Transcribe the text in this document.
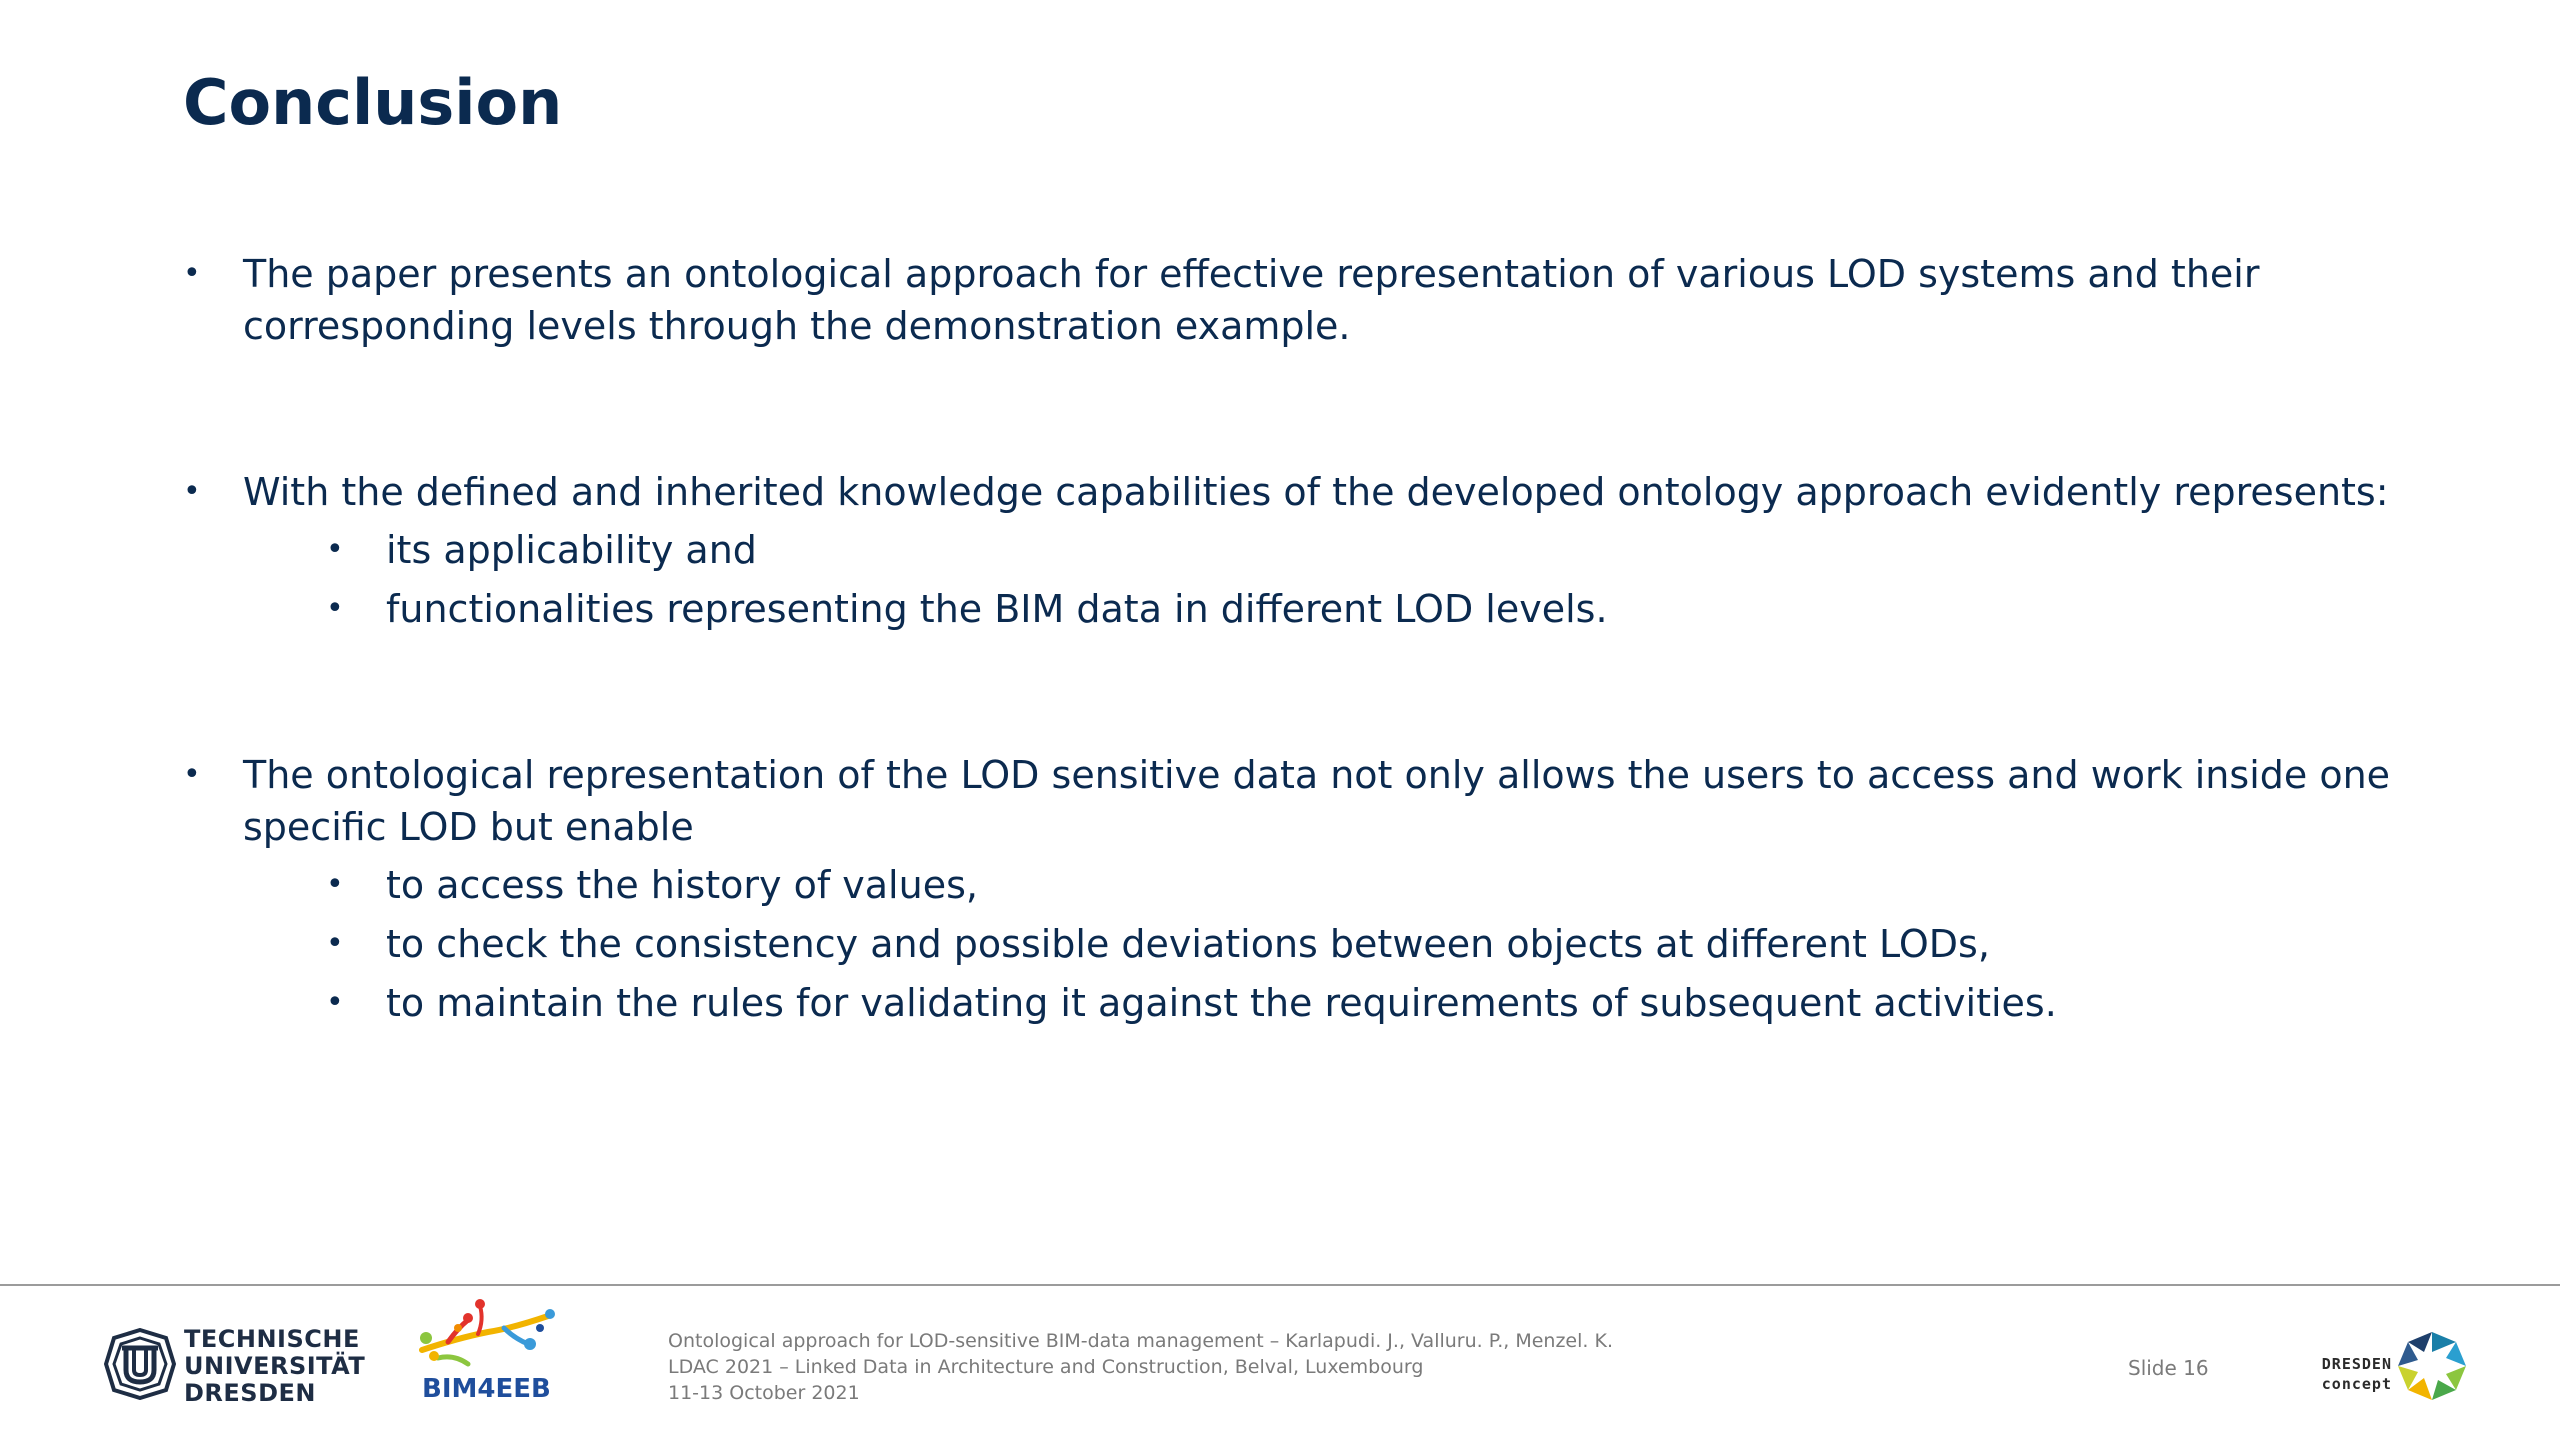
Conclusion
• The paper presents an ontological approach for effective representation of various LOD systems and their corresponding levels through the demonstration example.
• With the defined and inherited knowledge capabilities of the developed ontology approach evidently represents:
• its applicability and
• functionalities representing the BIM data in different LOD levels.
• The ontological representation of the LOD sensitive data not only allows the users to access and work inside one specific LOD but enable
• to access the history of values,
• to check the consistency and possible deviations between objects at different LODs,
• to maintain the rules for validating it against the requirements of subsequent activities.
TECHNISCHE
UNIVERSITÄT
DRESDEN	BIM4EEB
Ontological approach for LOD-sensitive BIM-data management – Karlapudi. J., Valluru. P., Menzel. K.
LDAC 2021 – Linked Data in Architecture and Construction, Belval, Luxembourg
11-13 October 2021
Slide 16	DRESDEN
concept
